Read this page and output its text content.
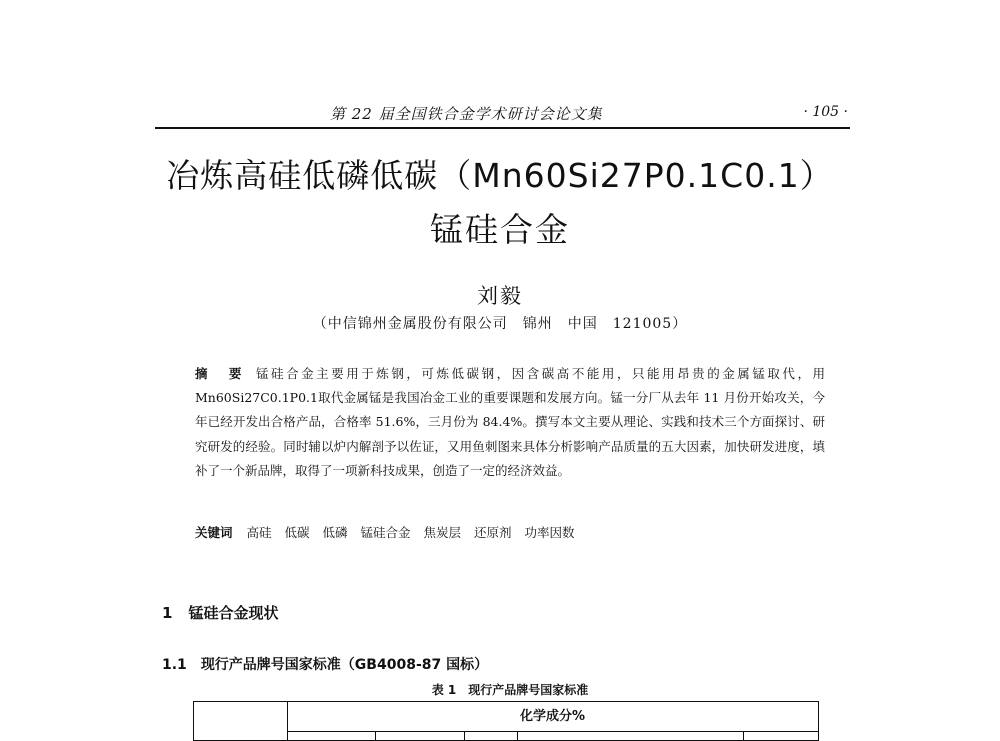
第 22 届全国铁合金学术研讨会论文集	· 105 ·
冶炼高硅低磷低碳（Mn60Si27P0.1C0.1）
锰硅合金
刘毅
（中信锦州金属股份有限公司　锦州　中国　121005）
摘 要 锰硅合金主要用于炼钢，可炼低碳钢，因含碳高不能用，只能用昂贵的金属锰取代，用Mn60Si27C0.1P0.1取代金属锰是我国冶金工业的重要课题和发展方向。锰一分厂从去年 11 月份开始攻关，今年已经开发出合格产品，合格率 51.6%，三月份为 84.4%。撰写本文主要从理论、实践和技术三个方面探讨、研究研发的经验。同时辅以炉内解剖予以佐证，又用鱼刺图来具体分析影响产品质量的五大因素，加快研发进度，填补了一个新品牌，取得了一项新科技成果，创造了一定的经济效益。
关键词 高硅 低碳 低磷 锰硅合金 焦炭层 还原剂 功率因数
1 锰硅合金现状
1.1 现行产品牌号国家标准（GB4008-87 国标）
表 1　现行产品牌号国家标准
化学成分%
